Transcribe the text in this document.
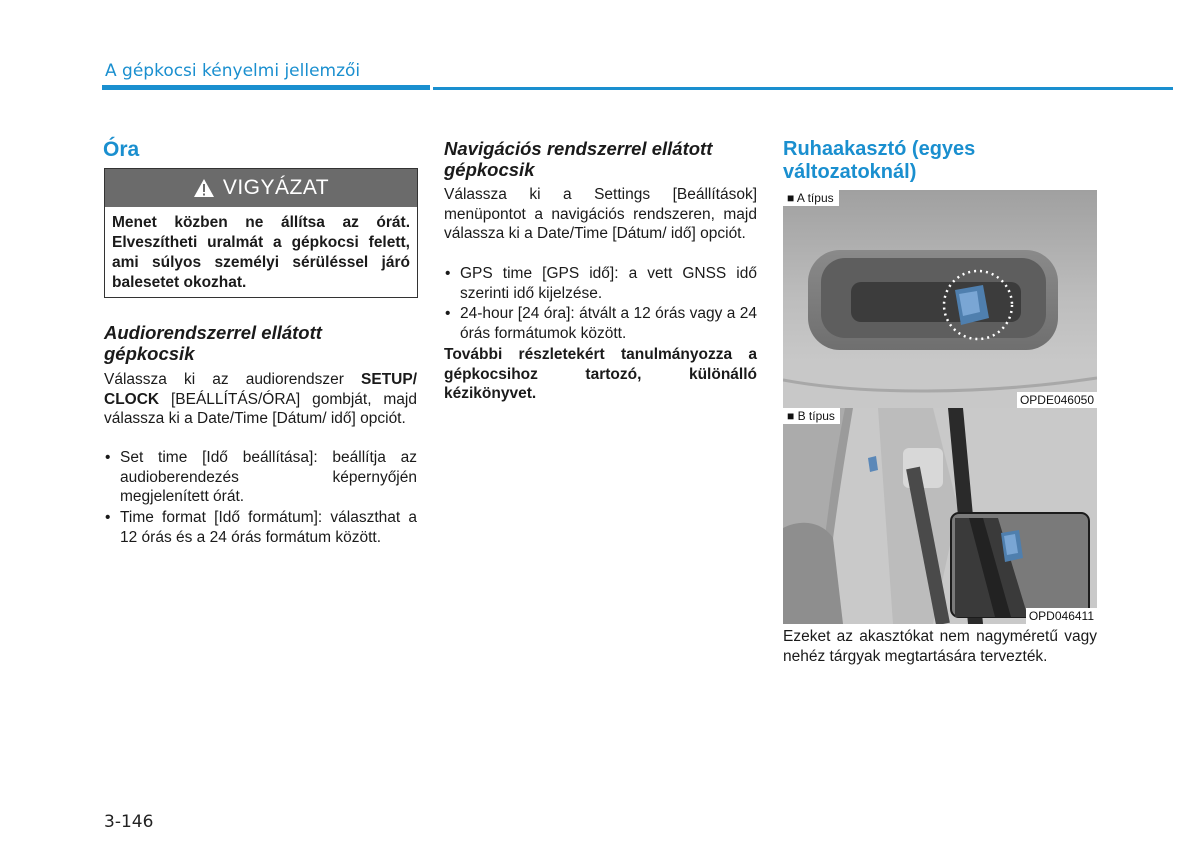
A gépkocsi kényelmi jellemzői
Óra
VIGYÁZAT
Menet közben ne állítsa az órát. Elveszítheti uralmát a gépkocsi felett, ami súlyos személyi sérüléssel járó balesetet okozhat.
Audiorendszerrel ellátott gépkocsik
Válassza ki az audiorendszer SETUP/ CLOCK [BEÁLLÍTÁS/ÓRA] gombját, majd válassza ki a Date/Time [Dátum/ idő] opciót.
• Set time [Idő beállítása]: beállítja az audioberendezés képernyőjén megjelenített órát.
• Time format [Idő formátum]: választhat a 12 órás és a 24 órás formátum között.
Navigációs rendszerrel ellátott gépkocsik
Válassza ki a Settings [Beállítások] menüpontot a navigációs rendszeren, majd válassza ki a Date/Time [Dátum/ idő] opciót.
• GPS time [GPS idő]: a vett GNSS idő szerinti idő kijelzése.
• 24-hour [24 óra]: átvált a 12 órás vagy a 24 órás formátumok között.
További részletekért tanulmányozza a gépkocsihoz tartozó, különálló kézikönyvet.
Ruhaakasztó (egyes változatoknál)
■ A típus
OPDE046050
■ B típus
OPD046411
Ezeket az akasztókat nem nagyméretű vagy nehéz tárgyak megtartására tervezték.
3-146
